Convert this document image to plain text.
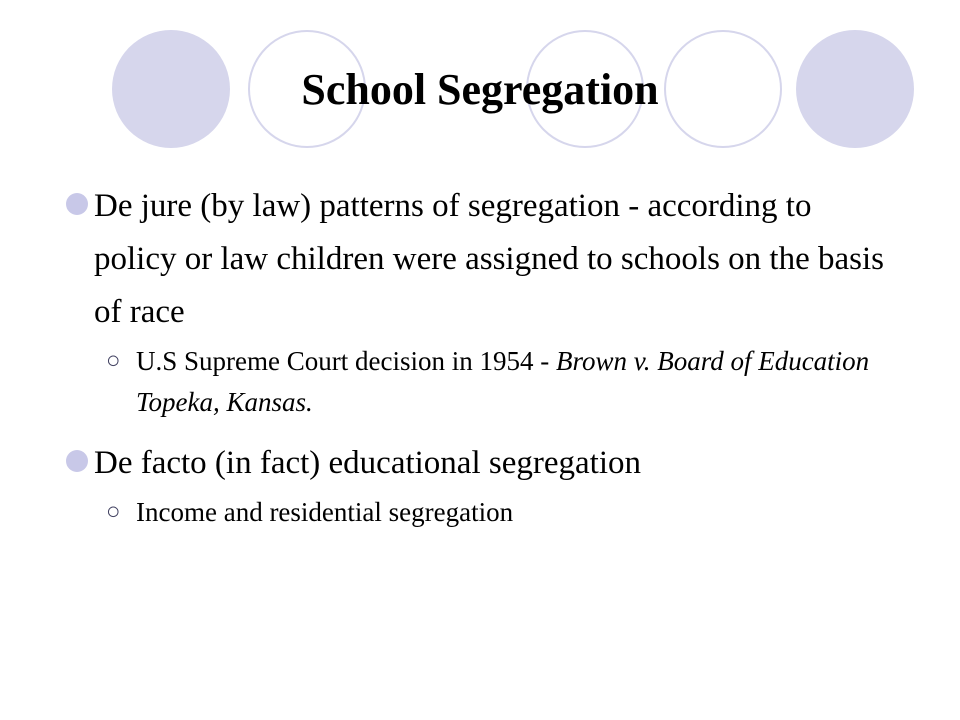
School Segregation
De jure (by law) patterns of segregation - according to policy or law children were assigned to schools on the basis of race
○ U.S Supreme Court decision in 1954 - Brown v. Board of Education Topeka, Kansas.
De facto (in fact) educational segregation
○ Income and residential segregation
